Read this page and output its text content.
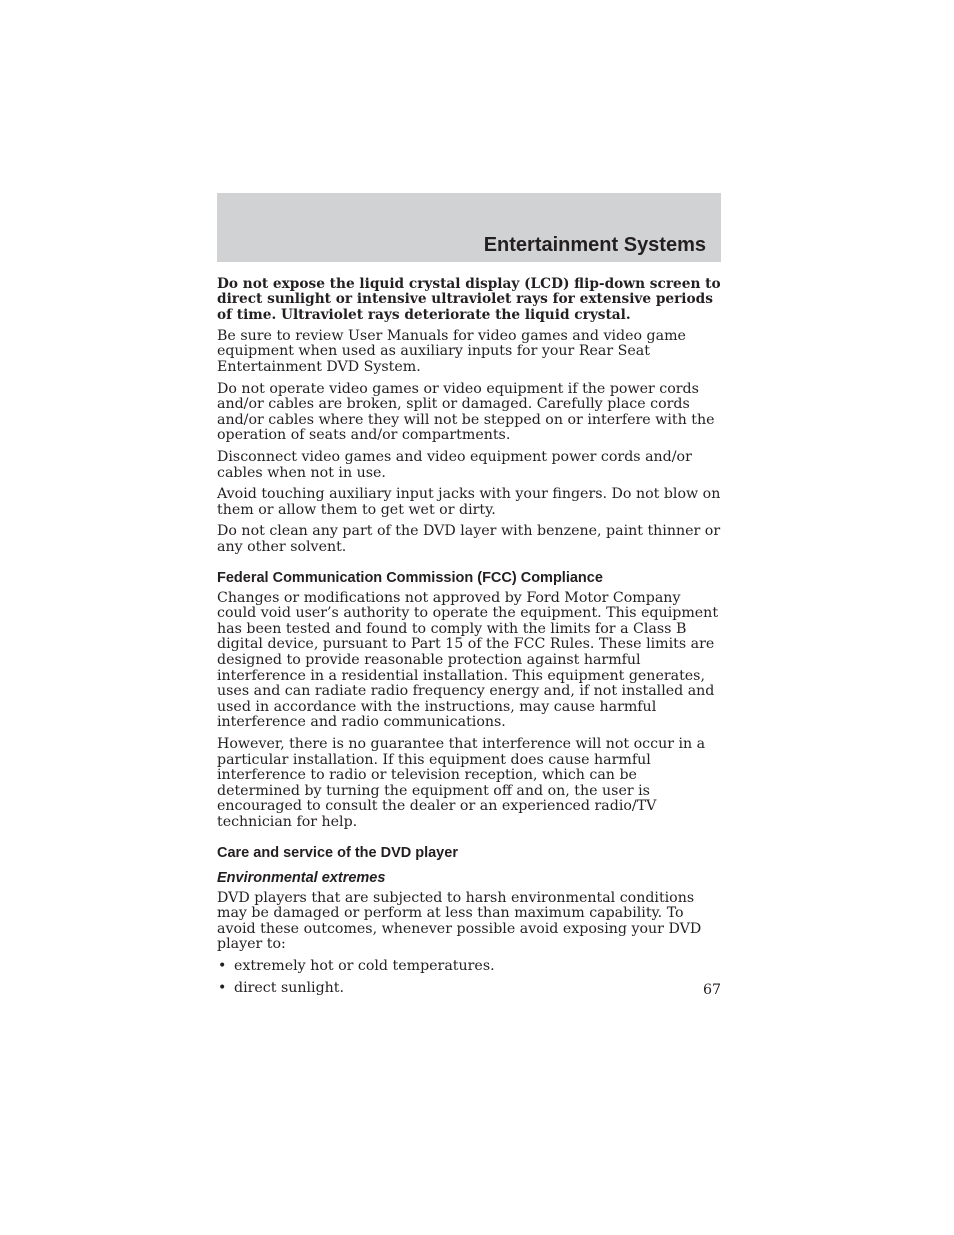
Entertainment Systems

Do not expose the liquid crystal display (LCD) flip-down screen to direct sunlight or intensive ultraviolet rays for extensive periods of time. Ultraviolet rays deteriorate the liquid crystal.

Be sure to review User Manuals for video games and video game equipment when used as auxiliary inputs for your Rear Seat Entertainment DVD System.

Do not operate video games or video equipment if the power cords and/or cables are broken, split or damaged. Carefully place cords and/or cables where they will not be stepped on or interfere with the operation of seats and/or compartments.

Disconnect video games and video equipment power cords and/or cables when not in use.

Avoid touching auxiliary input jacks with your fingers. Do not blow on them or allow them to get wet or dirty.

Do not clean any part of the DVD layer with benzene, paint thinner or any other solvent.

Federal Communication Commission (FCC) Compliance

Changes or modifications not approved by Ford Motor Company could void user’s authority to operate the equipment. This equipment has been tested and found to comply with the limits for a Class B digital device, pursuant to Part 15 of the FCC Rules. These limits are designed to provide reasonable protection against harmful interference in a residential installation. This equipment generates, uses and can radiate radio frequency energy and, if not installed and used in accordance with the instructions, may cause harmful interference and radio communications.

However, there is no guarantee that interference will not occur in a particular installation. If this equipment does cause harmful interference to radio or television reception, which can be determined by turning the equipment off and on, the user is encouraged to consult the dealer or an experienced radio/TV technician for help.

Care and service of the DVD player
Environmental extremes

DVD players that are subjected to harsh environmental conditions may be damaged or perform at less than maximum capability. To avoid these outcomes, whenever possible avoid exposing your DVD player to:

• extremely hot or cold temperatures.
• direct sunlight.	67
